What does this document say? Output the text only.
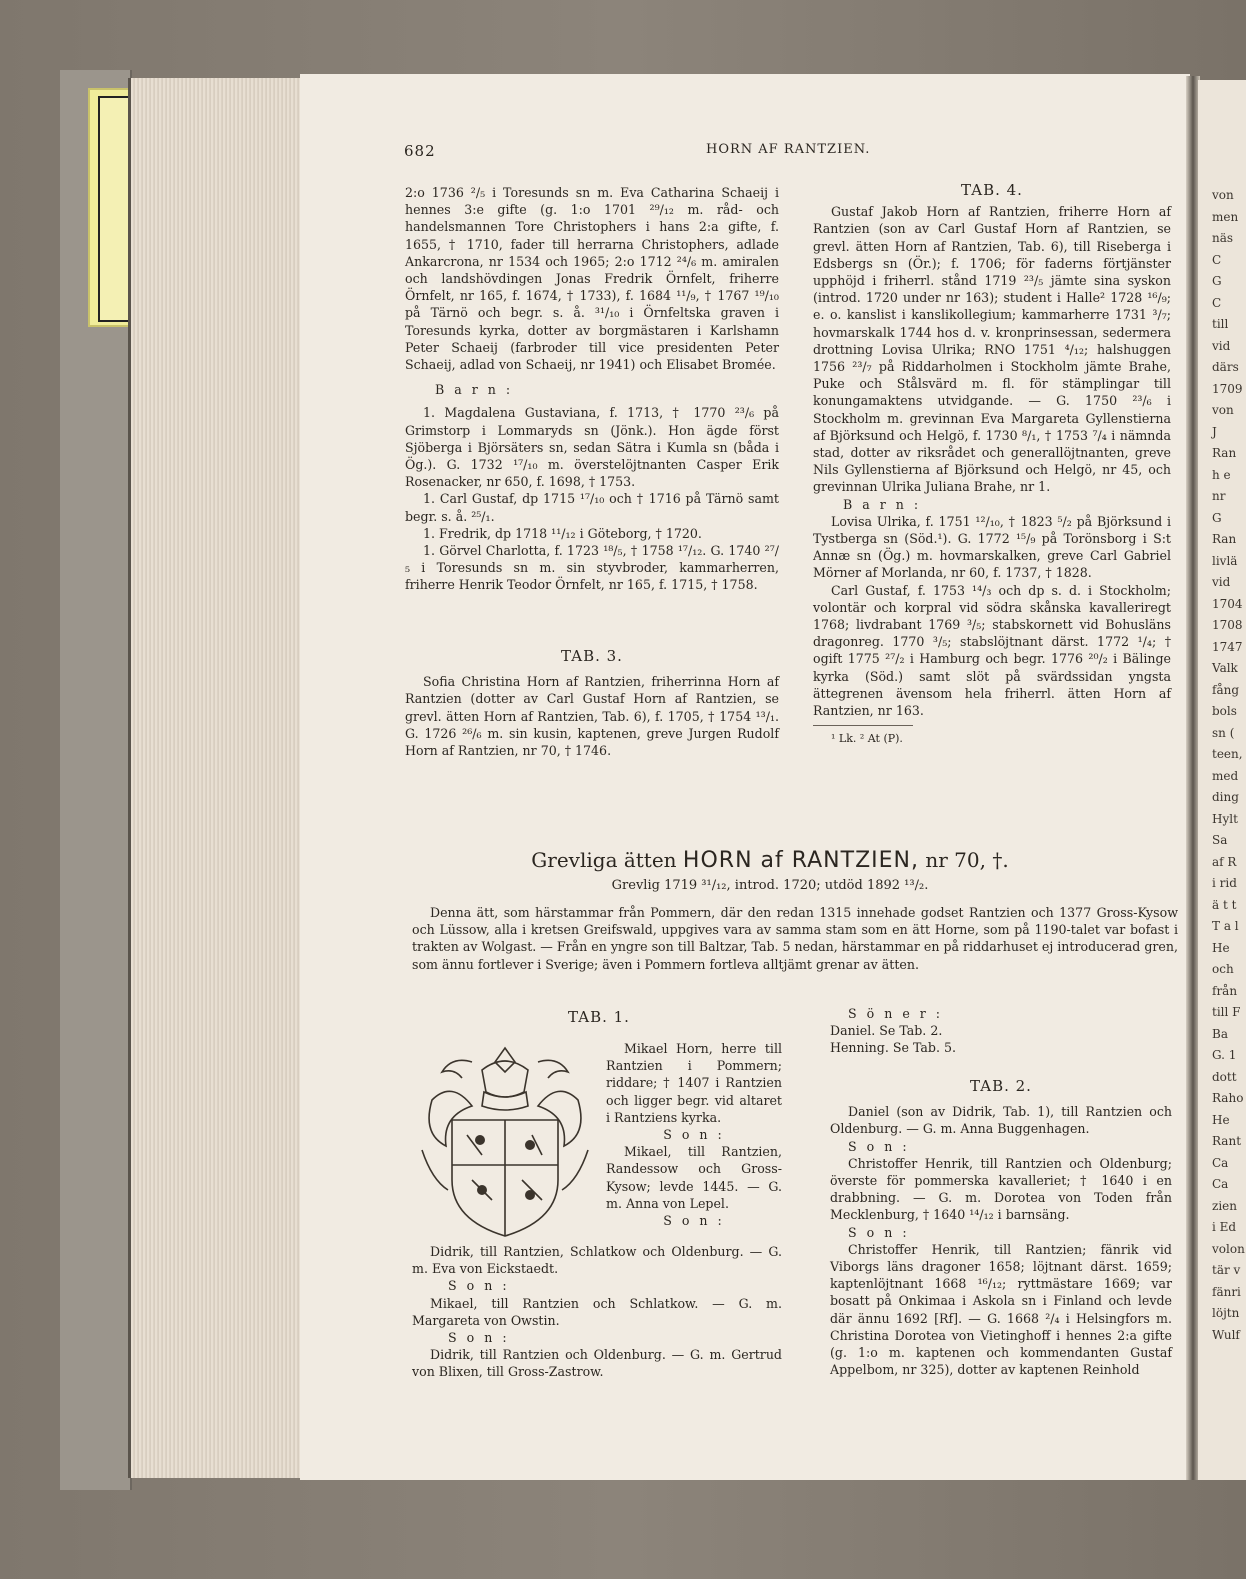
von
men
näs
C
G
C
till
vid
därs
1709
von
J
Ran
h e
nr
G
Ran
livlä
vid
1704
1708
1747
Valk
fång
bols
sn (
teen,
med
ding
Hylt
Sa
af R
i rid
ä t t
T a l
He
och
från
till F
Ba
G. 1
dott
Raho
He
Rant
Ca
Ca
zien
i Ed
volon
tär v
fänri
löjtn
Wulf
682	HORN AF RANTZIEN.

2:o 1736 ²/₅ i Toresunds sn m. Eva Catharina Schaeij i hennes 3:e gifte (g. 1:o 1701 ²⁹/₁₂ m. råd- och handelsmannen Tore Christophers i hans 2:a gifte, f. 1655, † 1710, fader till herrarna Christophers, adlade Ankarcrona, nr 1534 och 1965; 2:o 1712 ²⁴/₆ m. amiralen och landshövdingen Jonas Fredrik Örnfelt, friherre Örnfelt, nr 165, f. 1674, † 1733), f. 1684 ¹¹/₉, † 1767 ¹⁹/₁₀ på Tärnö och begr. s. å. ³¹/₁₀ i Örnfeltska graven i Toresunds kyrka, dotter av borgmästaren i Karlshamn Peter Schaeij (farbroder till vice presidenten Peter Schaeij, adlad von Schaeij, nr 1941) och Elisabet Bromée.

B a r n :

1. Magdalena Gustaviana, f. 1713, † 1770 ²³/₆ på Grimstorp i Lommaryds sn (Jönk.). Hon ägde först Sjöberga i Björsäters sn, sedan Sätra i Kumla sn (båda i Ög.). G. 1732 ¹⁷/₁₀ m. överstelöjtnanten Casper Erik Rosenacker, nr 650, f. 1698, † 1753.

1. Carl Gustaf, dp 1715 ¹⁷/₁₀ och † 1716 på Tärnö samt begr. s. å. ²⁵/₁.

1. Fredrik, dp 1718 ¹¹/₁₂ i Göteborg, † 1720.

1. Görvel Charlotta, f. 1723 ¹⁸/₅, † 1758 ¹⁷/₁₂. G. 1740 ²⁷/₅ i Toresunds sn m. sin styvbroder, kammarherren, friherre Henrik Teodor Örnfelt, nr 165, f. 1715, † 1758.

TAB. 3.

Sofia Christina Horn af Rantzien, friherrinna Horn af Rantzien (dotter av Carl Gustaf Horn af Rantzien, se grevl. ätten Horn af Rantzien, Tab. 6), f. 1705, † 1754 ¹³/₁. G. 1726 ²⁶/₆ m. sin kusin, kaptenen, greve Jurgen Rudolf Horn af Rantzien, nr 70, † 1746.

TAB. 4.

Gustaf Jakob Horn af Rantzien, friherre Horn af Rantzien (son av Carl Gustaf Horn af Rantzien, se grevl. ätten Horn af Rantzien, Tab. 6), till Riseberga i Edsbergs sn (Ör.); f. 1706; för faderns förtjänster upphöjd i friherrl. stånd 1719 ²³/₅ jämte sina syskon (introd. 1720 under nr 163); student i Halle² 1728 ¹⁶/₉; e. o. kanslist i kanslikollegium; kammarherre 1731 ³/₇; hovmarskalk 1744 hos d. v. kronprinsessan, sedermera drottning Lovisa Ulrika; RNO 1751 ⁴/₁₂; halshuggen 1756 ²³/₇ på Riddarholmen i Stockholm jämte Brahe, Puke och Stålsvärd m. fl. för stämplingar till konungamaktens utvidgande. — G. 1750 ²³/₆ i Stockholm m. grevinnan Eva Margareta Gyllenstierna af Björksund och Helgö, f. 1730 ⁸/₁, † 1753 ⁷/₄ i nämnda stad, dotter av riksrådet och generallöjtnanten, greve Nils Gyllenstierna af Björksund och Helgö, nr 45, och grevinnan Ulrika Juliana Brahe, nr 1.

B a r n :

Lovisa Ulrika, f. 1751 ¹²/₁₀, † 1823 ⁵/₂ på Björksund i Tystberga sn (Söd.¹). G. 1772 ¹⁵/₉ på Torönsborg i S:t Annæ sn (Ög.) m. hovmarskalken, greve Carl Gabriel Mörner af Morlanda, nr 60, f. 1737, † 1828.

Carl Gustaf, f. 1753 ¹⁴/₃ och dp s. d. i Stockholm; volontär och korpral vid södra skånska kavalleriregt 1768; livdrabant 1769 ³/₅; stabskornett vid Bohusläns dragonreg. 1770 ³/₅; stabslöjtnant därst. 1772 ¹/₄; † ogift 1775 ²⁷/₂ i Hamburg och begr. 1776 ²⁰/₂ i Bälinge kyrka (Söd.) samt slöt på svärdssidan yngsta ättegrenen ävensom hela friherrl. ätten Horn af Rantzien, nr 163.

¹ Lk. ² At (P).

Grevliga ätten HORN af RANTZIEN, nr 70, †.
Grevlig 1719 ³¹/₁₂, introd. 1720; utdöd 1892 ¹³/₂.

Denna ätt, som härstammar från Pommern, där den redan 1315 innehade godset Rantzien och 1377 Gross-Kysow och Lüssow, alla i kretsen Greifswald, uppgives vara av samma stam som en ätt Horne, som på 1190-talet var bofast i trakten av Wolgast. — Från en yngre son till Baltzar, Tab. 5 nedan, härstammar en på riddarhuset ej introducerad gren, som ännu fortlever i Sverige; även i Pommern fortleva alltjämt grenar av ätten.

TAB. 1.

Mikael Horn, herre till Rantzien i Pommern; riddare; † 1407 i Rantzien och ligger begr. vid altaret i Rantziens kyrka.

S o n :

Mikael, till Rantzien, Randessow och Gross-Kysow; levde 1445. — G. m. Anna von Lepel.

S o n :

Didrik, till Rantzien, Schlatkow och Oldenburg. — G. m. Eva von Eickstaedt.

S o n :

Mikael, till Rantzien och Schlatkow. — G. m. Margareta von Owstin.

S o n :

Didrik, till Rantzien och Oldenburg. — G. m. Gertrud von Blixen, till Gross-Zastrow.

S ö n e r :

Daniel. Se Tab. 2.

Henning. Se Tab. 5.

TAB. 2.

Daniel (son av Didrik, Tab. 1), till Rantzien och Oldenburg. — G. m. Anna Buggenhagen.

S o n :

Christoffer Henrik, till Rantzien och Oldenburg; överste för pommerska kavalleriet; † 1640 i en drabbning. — G. m. Dorotea von Toden från Mecklenburg, † 1640 ¹⁴/₁₂ i barnsäng.

S o n :

Christoffer Henrik, till Rantzien; fänrik vid Viborgs läns dragoner 1658; löjtnant därst. 1659; kaptenlöjtnant 1668 ¹⁶/₁₂; ryttmästare 1669; var bosatt på Onkimaa i Askola sn i Finland och levde där ännu 1692 [Rf]. — G. 1668 ²/₄ i Helsingfors m. Christina Dorotea von Vietinghoff i hennes 2:a gifte (g. 1:o m. kaptenen och kommendanten Gustaf Appelbom, nr 325), dotter av kaptenen Reinhold
